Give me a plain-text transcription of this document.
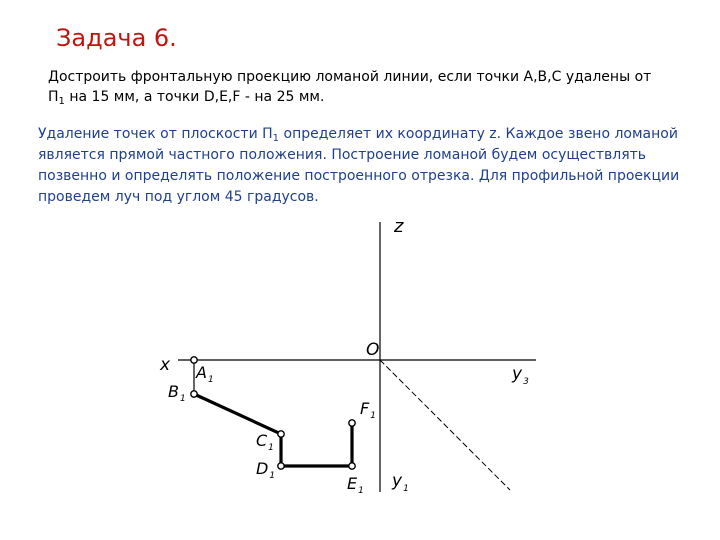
Задача 6.
Достроить фронтальную проекцию ломаной линии, если точки A,B,C удалены от
$П_1$ на 15 мм, а точки D,E,F - на 25 мм.
Удаление точек от плоскости $П_1$ определяет их координату z. Каждое звено ломаной является прямой частного положения. Построение ломаной будем осуществлять позвенно и определять положение построенного отрезка. Для профильной проекции проведем луч под углом 45 градусов.
z
x
O
$y_3$
$y_1$
$A_1$
$B_1$
$C_1$
$D_1$	$E_1$
$F_1$
